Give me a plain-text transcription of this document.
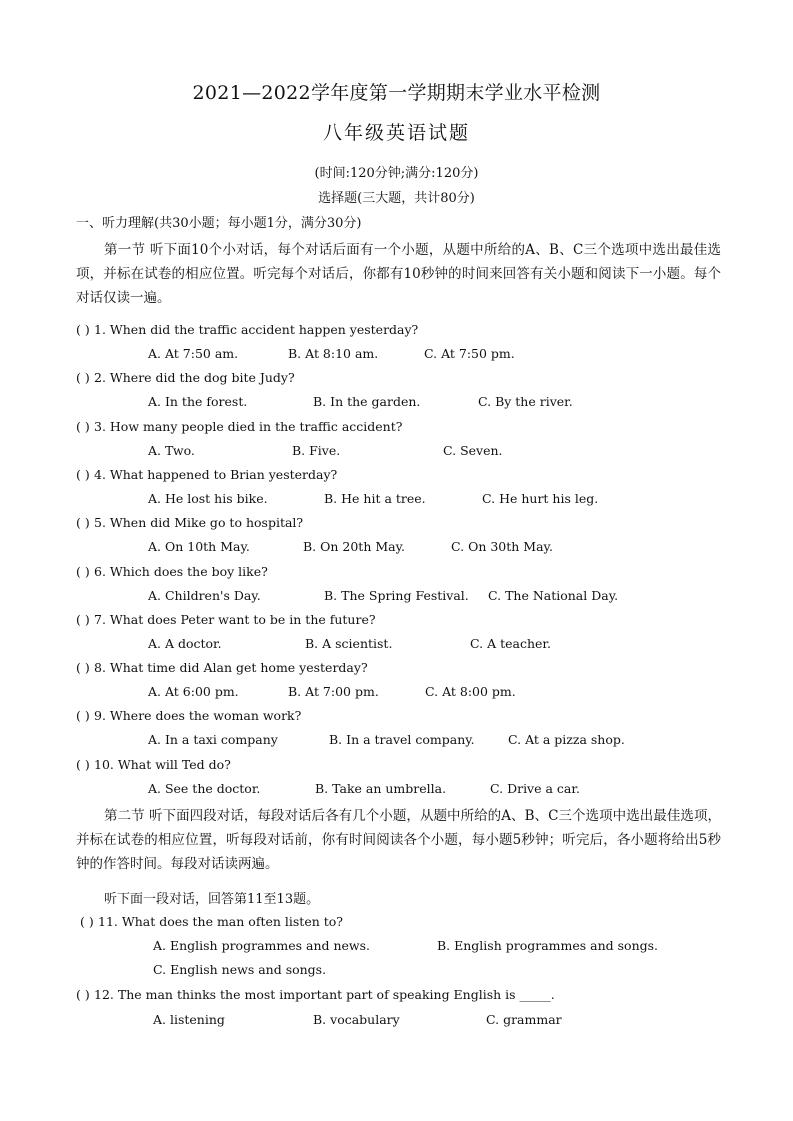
2021—2022学年度第一学期期末学业水平检测
八年级英语试题
(时间:120分钟;满分:120分)
选择题(三大题，共计80分)
一、听力理解(共30小题；每小题1分，满分30分)
第一节 听下面10个小对话，每个对话后面有一个小题，从题中所给的A、B、C三个选项中选出最佳选项，并标在试卷的相应位置。听完每个对话后，你都有10秒钟的时间来回答有关小题和阅读下一小题。每个对话仅读一遍。
( ) 1. When did the traffic accident happen yesterday?
A. At 7:50 am.	B. At 8:10 am.	C. At 7:50 pm.
( ) 2. Where did the dog bite Judy?
A. In the forest.	B. In the garden.	C. By the river.
( ) 3. How many people died in the traffic accident?
A. Two.	B. Five.	C. Seven.
( ) 4. What happened to Brian yesterday?
A. He lost his bike.	B. He hit a tree.	C. He hurt his leg.
( ) 5. When did Mike go to hospital?
A. On 10th May.	B. On 20th May.	C. On 30th May.
( ) 6. Which does the boy like?
A. Children's Day.	B. The Spring Festival. C. The National Day.
( ) 7. What does Peter want to be in the future?
A. A doctor.	B. A scientist.	C. A teacher.
( ) 8. What time did Alan get home yesterday?
A. At 6:00 pm.	B. At 7:00 pm.	C. At 8:00 pm.
( ) 9. Where does the woman work?
A. In a taxi company	B. In a travel company.	C. At a pizza shop.
( ) 10. What will Ted do?
A. See the doctor.	B. Take an umbrella.	C. Drive a car.
第二节 听下面四段对话，每段对话后各有几个小题，从题中所给的A、B、C三个选项中选出最佳选项，并标在试卷的相应位置，听每段对话前，你有时间阅读各个小题，每小题5秒钟；听完后，各小题将给出5秒钟的作答时间。每段对话读两遍。
听下面一段对话，回答第11至13题。
( ) 11. What does the man often listen to?
A. English programmes and news.	B. English programmes and songs.
C. English news and songs.
( ) 12. The man thinks the most important part of speaking English is _____.
A. listening	B. vocabulary	C. grammar
